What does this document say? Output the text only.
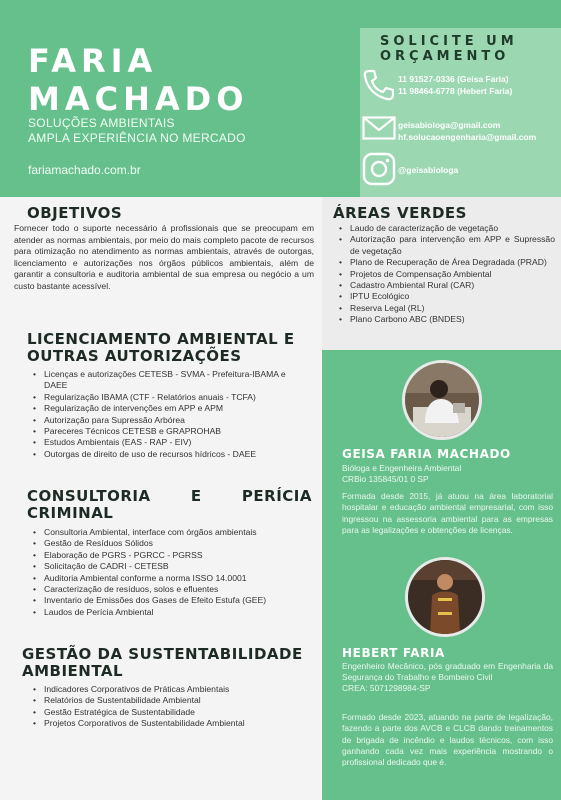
FARIA
MACHADO
SOLUÇÕES AMBIENTAIS
AMPLA EXPERIÊNCIA NO MERCADO
fariamachado.com.br
SOLICITE UM ORÇAMENTO
11 91527-0336 (Geisa Faria)
11 98464-6778 (Hebert Faria)
geisabiologa@gmail.com
hf.solucaoengenharia@gmail.com
@geisabiologa
OBJETIVOS
Fornecer todo o suporte necessário á profissionais que se preocupam em atender as normas ambientais, por meio do mais completo pacote de recursos para otimização no atendimento as normas ambientais, através de outorgas, licenciamento e autorizações nos órgãos públicos ambientais, além de garantir a consultoria e auditoria ambiental de sua empresa ou negócio a um custo bastante acessível.
LICENCIAMENTO AMBIENTAL E
OUTRAS AUTORIZAÇÕES
• Licenças e autorizações CETESB - SVMA - Prefeitura-IBAMA e DAEE
• Regularização IBAMA (CTF - Relatórios anuais - TCFA)
• Regularização de intervenções em APP e APM
• Autorização para Supressão Arbórea
• Pareceres Técnicos CETESB e GRAPROHAB
• Estudos Ambientais (EAS - RAP - EIV)
• Outorgas de direito de uso de recursos hídricos - DAEE
CONSULTORIA	E	PERÍCIA
CRIMINAL
• Consultoria Ambiental, interface com órgãos ambientais
• Gestão de Resíduos Sólidos
• Elaboração de PGRS - PGRCC - PGRSS
• Solicitação de CADRI - CETESB
• Auditoria Ambiental conforme a norma ISSO 14.0001
• Caracterização de resíduos, solos e efluentes
• Inventario de Emissões dos Gases de Efeito Estufa (GEE)
• Laudos de Perícia Ambiental
GESTÃO DA SUSTENTABILIDADE
AMBIENTAL
• Indicadores Corporativos de Práticas Ambientais
• Relatórios de Sustentabilidade Ambiental
• Gestão Estratégica de Sustentabilidade
• Projetos Corporativos de Sustentabilidade Ambiental
ÁREAS VERDES
• Laudo de caracterização de vegetação
• Autorização para intervenção em APP e Supressão de vegetação
• Plano de Recuperação de Área Degradada (PRAD)
• Projetos de Compensação Ambiental
• Cadastro Ambiental Rural (CAR)
• IPTU Ecológico
• Reserva Legal (RL)
• Plano Carbono ABC (BNDES)
GEISA FARIA MACHADO
Bióloga e Engenheira Ambiental
CRBio 135845/01 0 SP
Formada desde 2015, já atuou na área laboratorial hospitalar e educação ambiental empresarial, com isso ingressou na assessoria ambiental para as empresas para as legalizações e obtenções de licenças.
HEBERT FARIA
Engenheiro Mecânico, pós graduado em Engenharia da Segurança do Trabalho e Bombeiro Civil
CREA: 5071298984-SP
Formado desde 2023, atuando na parte de legalização, fazendo a parte dos AVCB e CLCB dando treinamentos de brigada de incêndio e laudos técnicos, com isso ganhando cada vez mais experiência mostrando o profissional dedicado que é.
